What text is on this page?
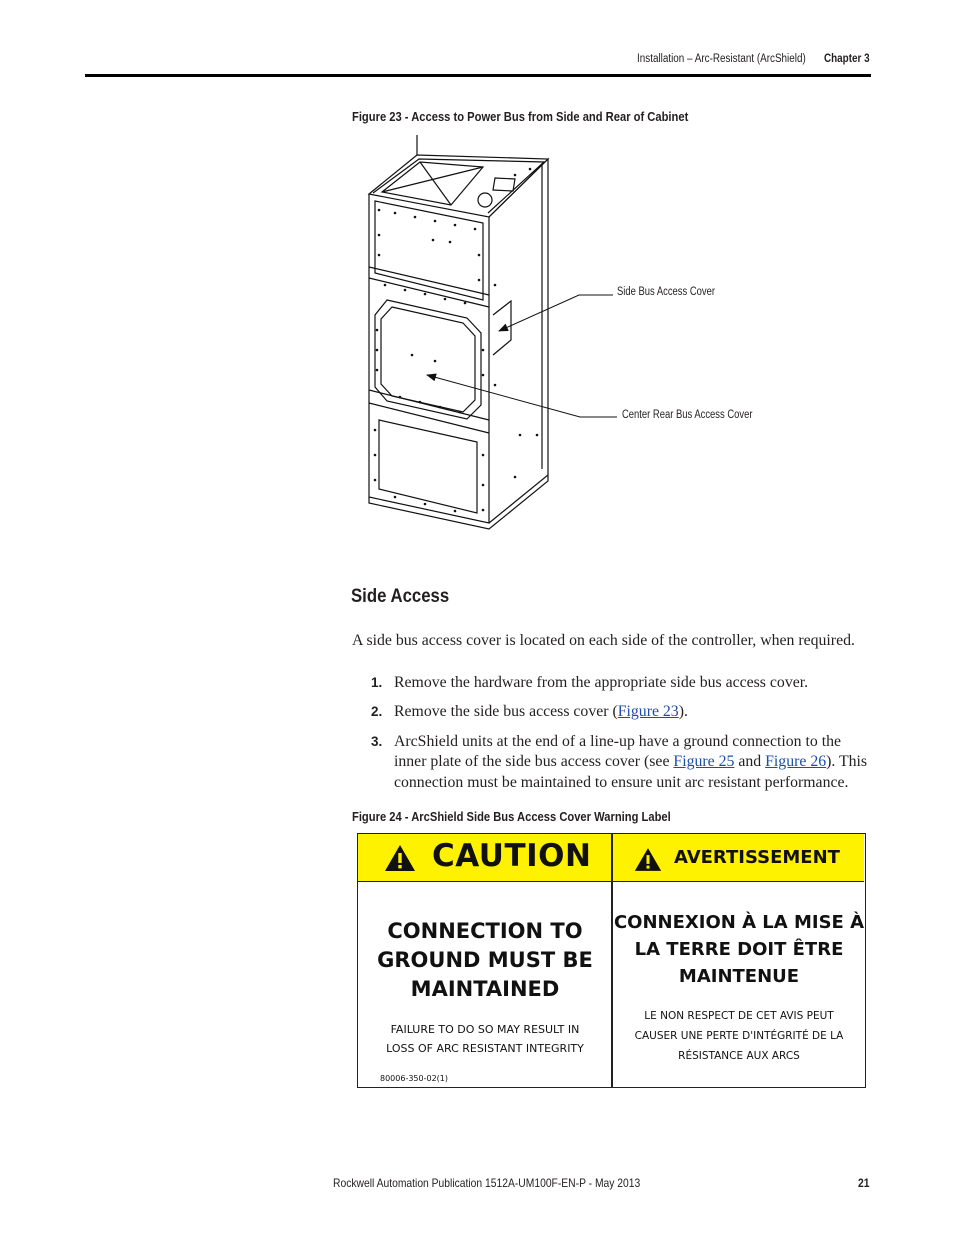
Installation – Arc-Resistant (ArcShield) Chapter 3
Figure 23 - Access to Power Bus from Side and Rear of Cabinet
Side Bus Access Cover
Center Rear Bus Access Cover
Side Access
A side bus access cover is located on each side of the controller, when required.
1. Remove the hardware from the appropriate side bus access cover.
2. Remove the side bus access cover (Figure 23).
3. ArcShield units at the end of a line-up have a ground connection to the
inner plate of the side bus access cover (see Figure 25 and Figure 26). This
connection must be maintained to ensure unit arc resistant performance.
Figure 24 - ArcShield Side Bus Access Cover Warning Label
CAUTION	AVERTISSEMENT
CONNECTION TO
GROUND MUST BE
MAINTAINED
FAILURE TO DO SO MAY RESULT IN
LOSS OF ARC RESISTANT INTEGRITY
80006-350-02(1)
CONNEXION À LA MISE À
LA TERRE DOIT ÊTRE
MAINTENUE
LE NON RESPECT DE CET AVIS PEUT
CAUSER UNE PERTE D'INTÉGRITÉ DE LA
RÉSISTANCE AUX ARCS
Rockwell Automation Publication 1512A-UM100F-EN-P - May 2013	21
